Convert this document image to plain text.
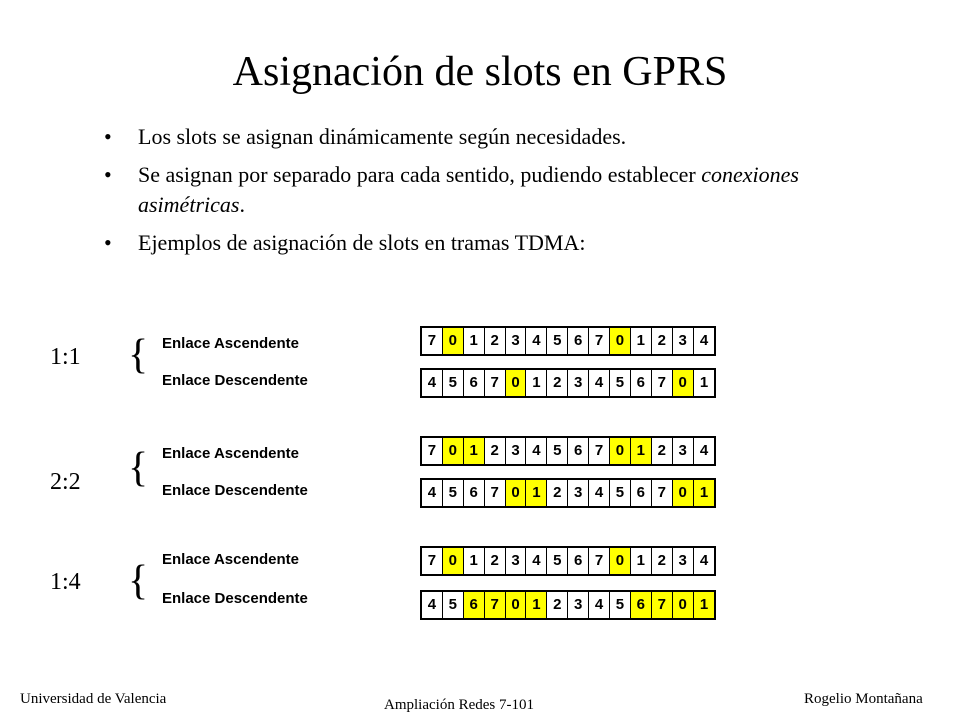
Asignación de slots en GPRS
• Los slots se asignan dinámicamente según necesidades.
• Se asignan por separado para cada sentido, pudiendo establecer conexiones asimétricas.
• Ejemplos de asignación de slots en tramas TDMA:
1:1 { Enlace Ascendente
Enlace Descendente
7 0 1 2 3 4 5 6 7 0 1 2 3 4
4 5 6 7 0 1 2 3 4 5 6 7 0 1
2:2 { Enlace Ascendente
Enlace Descendente
7 0 1 2 3 4 5 6 7 0 1 2 3 4
4 5 6 7 0 1 2 3 4 5 6 7 0 1
1:4 { Enlace Ascendente
Enlace Descendente
7 0 1 2 3 4 5 6 7 0 1 2 3 4
4 5 6 7 0 1 2 3 4 5 6 7 0 1
Universidad de Valencia	Ampliación Redes 7-101	Rogelio Montañana
